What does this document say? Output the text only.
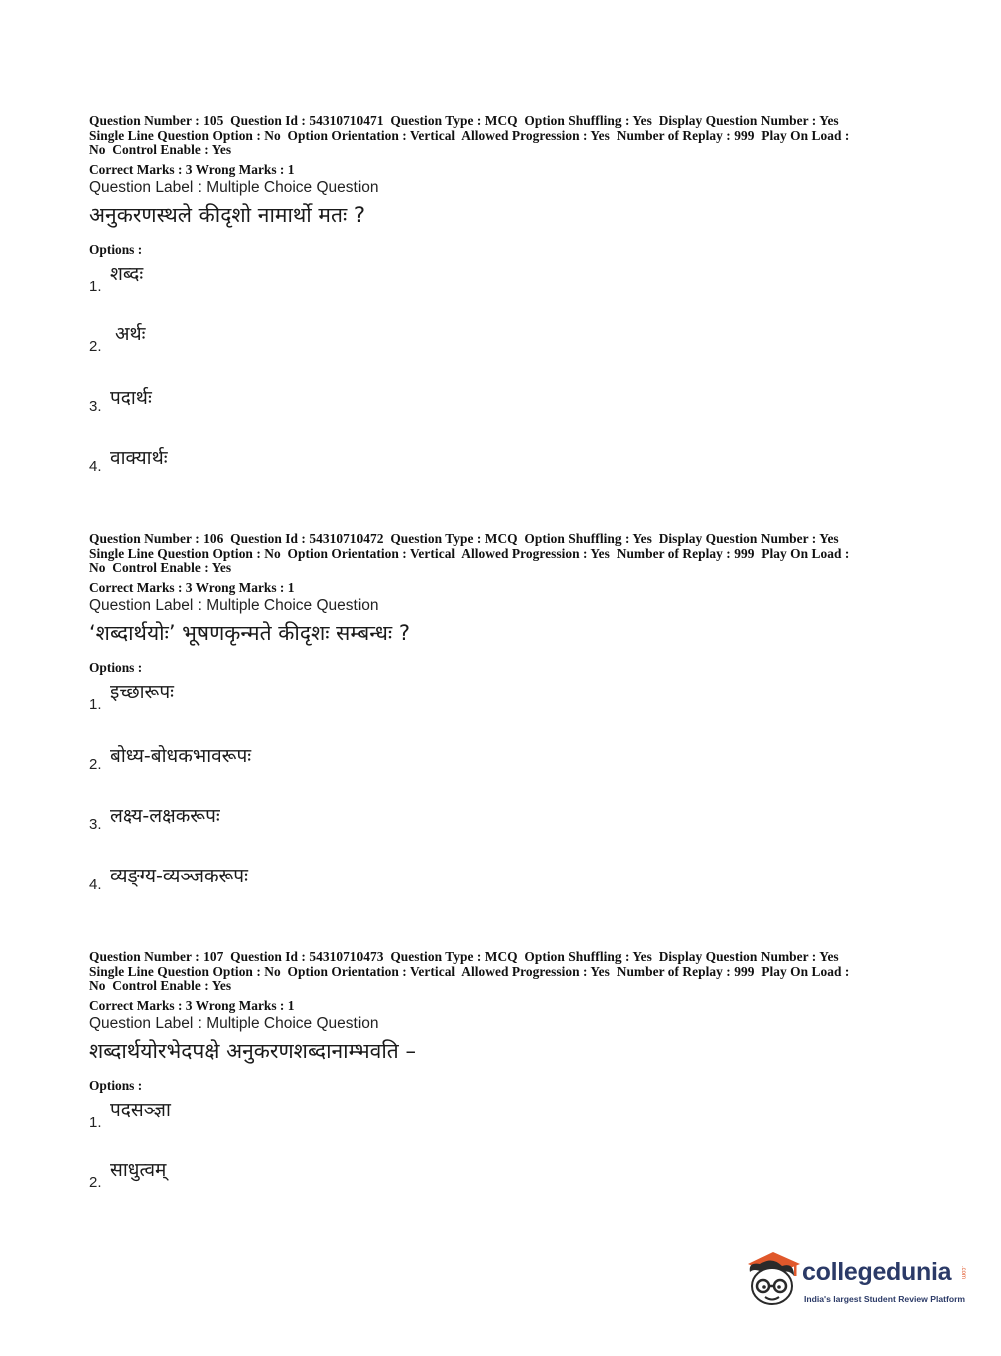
Question Number : 105  Question Id : 54310710471  Question Type : MCQ  Option Shuffling : Yes  Display Question Number : Yes
Single Line Question Option : No  Option Orientation : Vertical  Allowed Progression : Yes  Number of Replay : 999  Play On Load :
No  Control Enable : Yes
Correct Marks : 3 Wrong Marks : 1
Question Label : Multiple Choice Question
अनुकरणस्थले कीदृशो नामार्थो मतः ?
Options :
1.
शब्दः
2.
अर्थः
3. पदार्थः
4. वाक्यार्थः
Question Number : 106  Question Id : 54310710472  Question Type : MCQ  Option Shuffling : Yes  Display Question Number : Yes
Single Line Question Option : No  Option Orientation : Vertical  Allowed Progression : Yes  Number of Replay : 999  Play On Load :
No  Control Enable : Yes
Correct Marks : 3 Wrong Marks : 1
Question Label : Multiple Choice Question
‘शब्दार्थयोः’ भूषणकृन्मते कीदृशः सम्बन्धः ?
Options :
1.
इच्छारूपः
2. बोध्य-बोधकभावरूपः
3. लक्ष्य-लक्षकरूपः
4. व्यङ्ग्य-व्यञ्जकरूपः
Question Number : 107  Question Id : 54310710473  Question Type : MCQ  Option Shuffling : Yes  Display Question Number : Yes
Single Line Question Option : No  Option Orientation : Vertical  Allowed Progression : Yes  Number of Replay : 999  Play On Load :
No  Control Enable : Yes
Correct Marks : 3 Wrong Marks : 1
Question Label : Multiple Choice Question
शब्दार्थयोरभेदपक्षे अनुकरणशब्दानाम्भवति –
Options :
1.
पदसञ्ज्ञा
2.
साधुत्वम्
collegedunia .com
India's largest Student Review Platform
